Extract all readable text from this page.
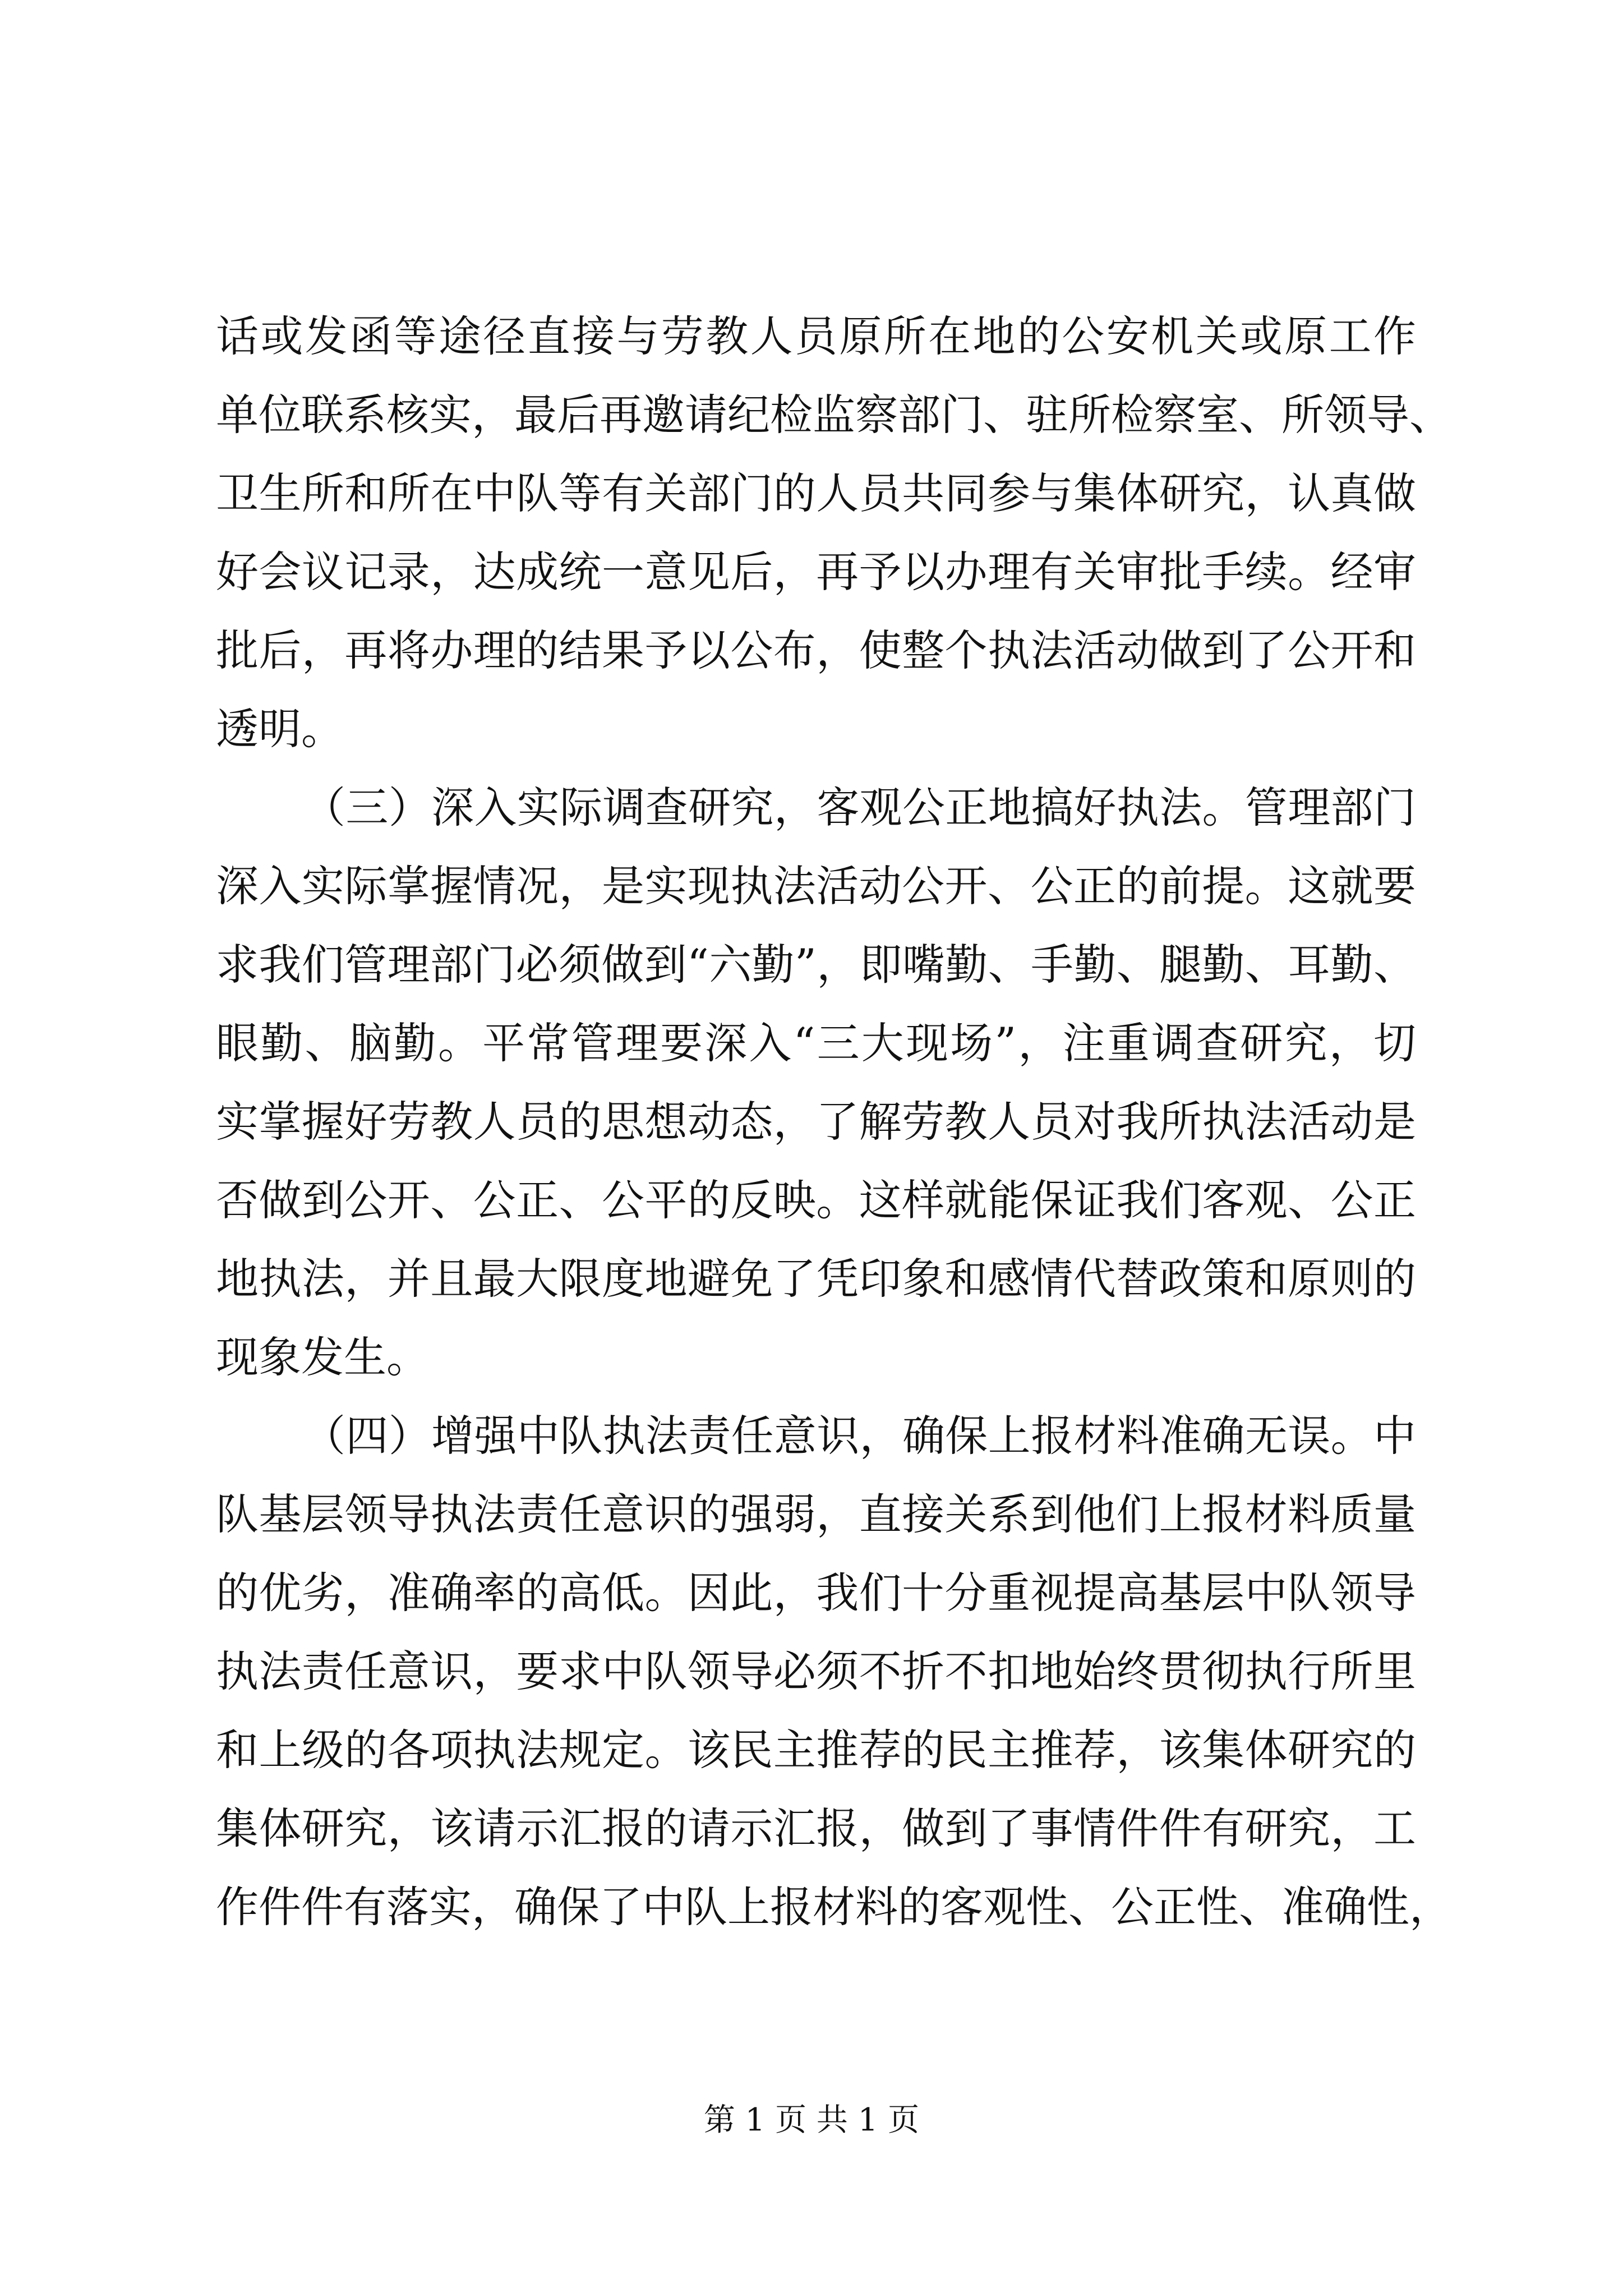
话或发函等途径直接与劳教人员原所在地的公安机关或原工作
单位联系核实，最后再邀请纪检监察部门、驻所检察室、所领导、
卫生所和所在中队等有关部门的人员共同参与集体研究，认真做
好会议记录，达成统一意见后，再予以办理有关审批手续。经审
批后，再将办理的结果予以公布，使整个执法活动做到了公开和
透明。
（三）深入实际调查研究，客观公正地搞好执法。管理部门
深入实际掌握情况，是实现执法活动公开、公正的前提。这就要
求我们管理部门必须做到“六勤”，即嘴勤、手勤、腿勤、耳勤、
眼勤、脑勤。平常管理要深入“三大现场”，注重调查研究，切
实掌握好劳教人员的思想动态，了解劳教人员对我所执法活动是
否做到公开、公正、公平的反映。这样就能保证我们客观、公正
地执法，并且最大限度地避免了凭印象和感情代替政策和原则的
现象发生。
（四）增强中队执法责任意识，确保上报材料准确无误。中
队基层领导执法责任意识的强弱，直接关系到他们上报材料质量
的优劣，准确率的高低。因此，我们十分重视提高基层中队领导
执法责任意识，要求中队领导必须不折不扣地始终贯彻执行所里
和上级的各项执法规定。该民主推荐的民主推荐，该集体研究的
集体研究，该请示汇报的请示汇报，做到了事情件件有研究，工
作件件有落实，确保了中队上报材料的客观性、公正性、准确性，
第 1 页 共 1 页
